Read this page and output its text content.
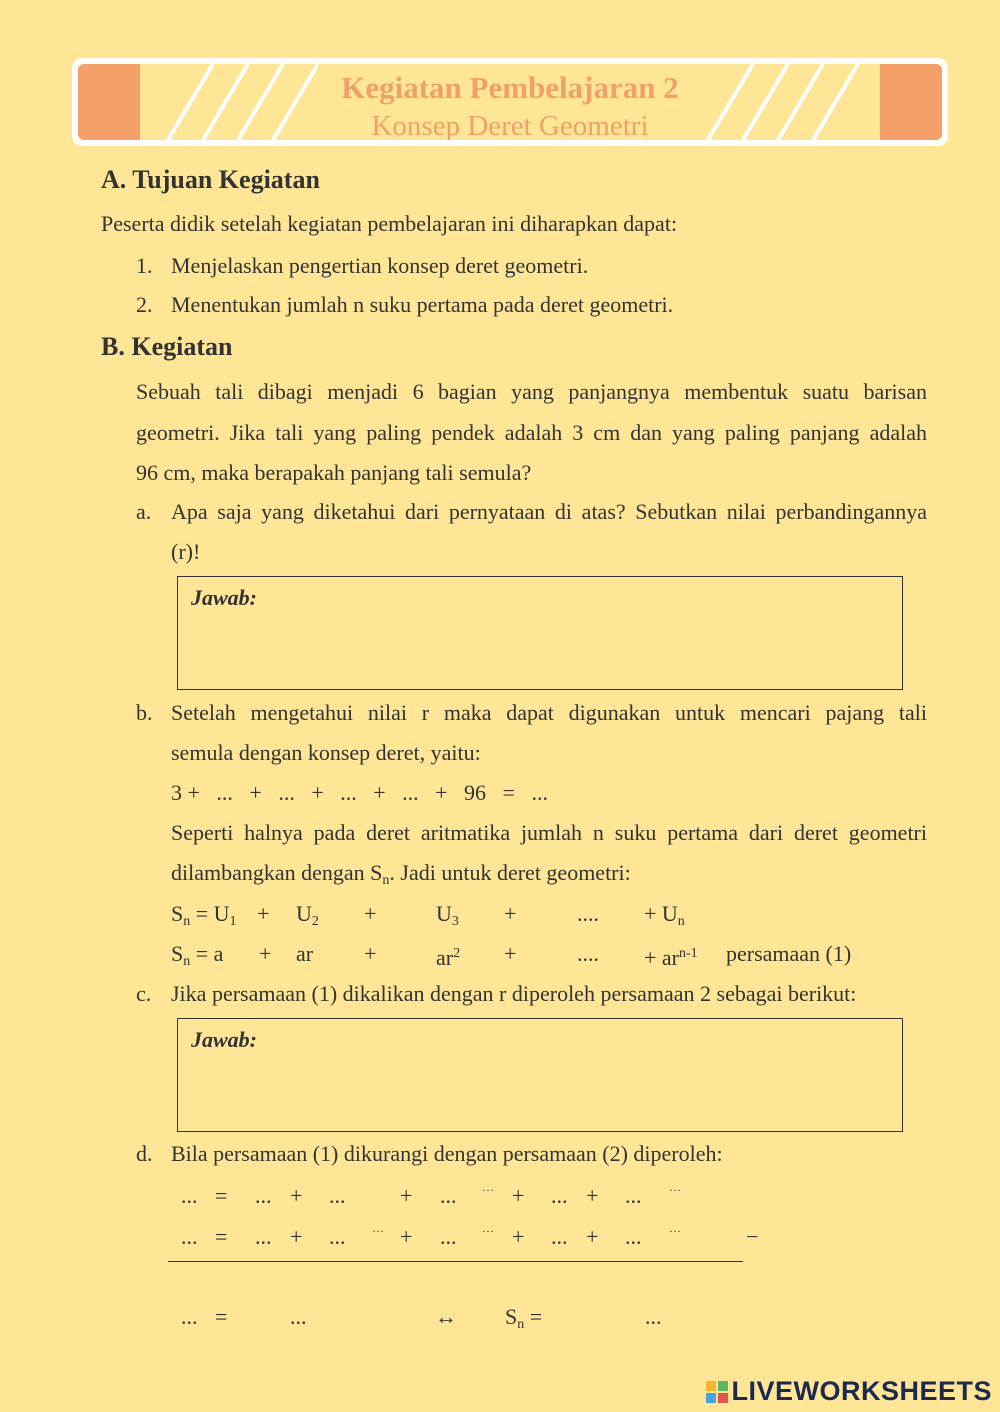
Kegiatan Pembelajaran 2
Konsep Deret Geometri
A. Tujuan Kegiatan
Peserta didik setelah kegiatan pembelajaran ini diharapkan dapat:
1. Menjelaskan pengertian konsep deret geometri.
2. Menentukan jumlah n suku pertama pada deret geometri.
B. Kegiatan
Sebuah tali dibagi menjadi 6 bagian yang panjangnya membentuk suatu barisan
geometri. Jika tali yang paling pendek adalah 3 cm dan yang paling panjang adalah
96 cm, maka berapakah panjang tali semula?
a. Apa saja yang diketahui dari pernyataan di atas? Sebutkan nilai perbandingannya
(r)!
Jawab:
b. Setelah mengetahui nilai r maka dapat digunakan untuk mencari pajang tali
semula dengan konsep deret, yaitu:
3 +   ...   +   ...   +   ...   +   ...   +   96   =   ...
Seperti halnya pada deret aritmatika jumlah n suku pertama dari deret geometri
dilambangkan dengan $S_n$. Jadi untuk deret geometri:
$S_n = U_1 + U_2$ +	$U_3$ +	.... + $U_n$
$S_n = a$ + ar +	$ar^2$ +	.... + $ar^{n-1}$ persamaan (1)
c. Jika persamaan (1) dikalikan dengan r diperoleh persamaan 2 sebagai berikut:
Jawab:
d. Bila persamaan (1) dikurangi dengan persamaan (2) diperoleh:
... = ... + ... + ... ··· + ... + ... ···
... = ... + ... ··· + ... ··· + ... + ... ···	−
... =	...	↔ $S_n$ =	...
LIVEWORKSHEETS
